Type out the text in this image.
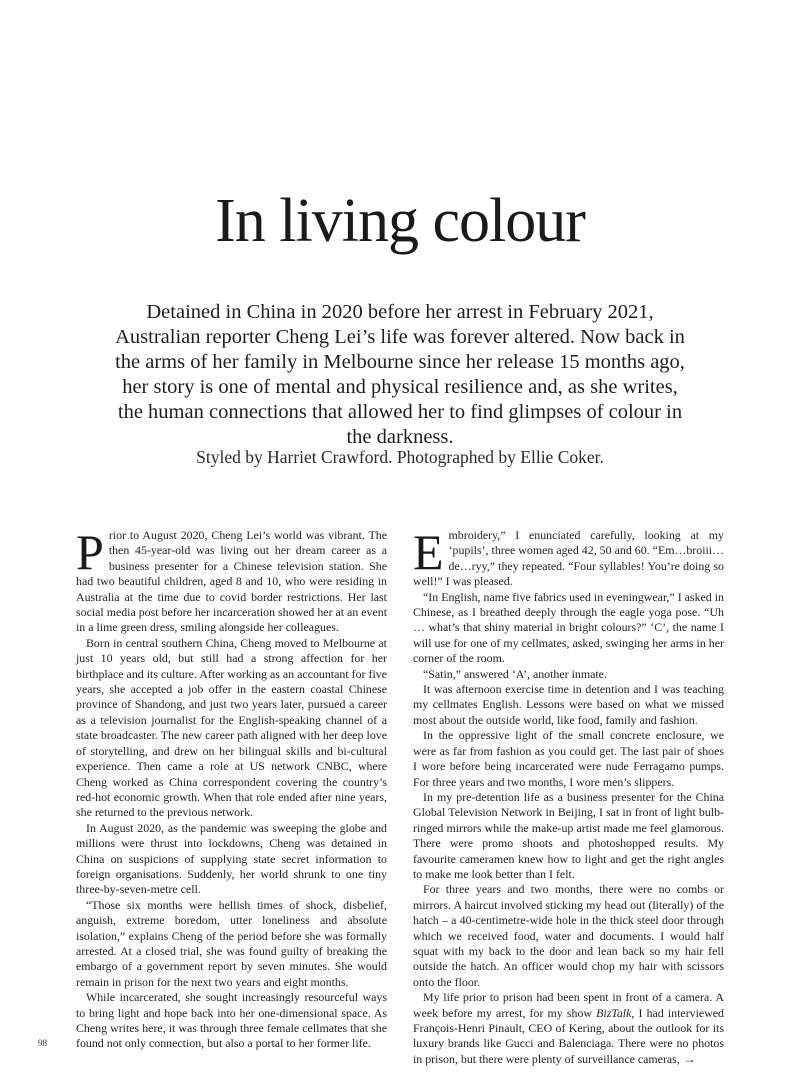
In living colour

Detained in China in 2020 before her arrest in February 2021, Australian reporter Cheng Lei’s life was forever altered. Now back in the arms of her family in Melbourne since her release 15 months ago, her story is one of mental and physical resilience and, as she writes, the human connections that allowed her to find glimpses of colour in the darkness.

Styled by Harriet Crawford. Photographed by Ellie Coker.

Prior to August 2020, Cheng Lei’s world was vibrant. The then 45-year-old was living out her dream career as a business presenter for a Chinese television station. She had two beautiful children, aged 8 and 10, who were residing in Australia at the time due to covid border restrictions. Her last social media post before her incarceration showed her at an event in a lime green dress, smiling alongside her colleagues.

Born in central southern China, Cheng moved to Melbourne at just 10 years old, but still had a strong affection for her birthplace and its culture. After working as an accountant for five years, she accepted a job offer in the eastern coastal Chinese province of Shandong, and just two years later, pursued a career as a television journalist for the English-speaking channel of a state broadcaster. The new career path aligned with her deep love of storytelling, and drew on her bilingual skills and bi-cultural experience. Then came a role at US network CNBC, where Cheng worked as China correspondent covering the country’s red-hot economic growth. When that role ended after nine years, she returned to the previous network.

In August 2020, as the pandemic was sweeping the globe and millions were thrust into lockdowns, Cheng was detained in China on suspicions of supplying state secret information to foreign organisations. Suddenly, her world shrunk to one tiny three-by-seven-metre cell.

“Those six months were hellish times of shock, disbelief, anguish, extreme boredom, utter loneliness and absolute isolation,” explains Cheng of the period before she was formally arrested. At a closed trial, she was found guilty of breaking the embargo of a government report by seven minutes. She would remain in prison for the next two years and eight months.

While incarcerated, she sought increasingly resourceful ways to bring light and hope back into her one-dimensional space. As Cheng writes here, it was through three female cellmates that she found not only connection, but also a portal to her former life.

Embroidery,” I enunciated carefully, looking at my ‘pupils’, three women aged 42, 50 and 60. “Em…broiii…de…ryy,” they repeated. “Four syllables! You’re doing so well!” I was pleased.

“In English, name five fabrics used in eveningwear,” I asked in Chinese, as I breathed deeply through the eagle yoga pose. “Uh … what’s that shiny material in bright colours?” ‘C’, the name I will use for one of my cellmates, asked, swinging her arms in her corner of the room.

“Satin,” answered ‘A’, another inmate.

It was afternoon exercise time in detention and I was teaching my cellmates English. Lessons were based on what we missed most about the outside world, like food, family and fashion.

In the oppressive light of the small concrete enclosure, we were as far from fashion as you could get. The last pair of shoes I wore before being incarcerated were nude Ferragamo pumps. For three years and two months, I wore men’s slippers.

In my pre-detention life as a business presenter for the China Global Television Network in Beijing, I sat in front of light bulb-ringed mirrors while the make-up artist made me feel glamorous. There were promo shoots and photoshopped results. My favourite cameramen knew how to light and get the right angles to make me look better than I felt.

For three years and two months, there were no combs or mirrors. A haircut involved sticking my head out (literally) of the hatch – a 40-centimetre-wide hole in the thick steel door through which we received food, water and documents. I would half squat with my back to the door and lean back so my hair fell outside the hatch. An officer would chop my hair with scissors onto the floor.

My life prior to prison had been spent in front of a camera. A week before my arrest, for my show BizTalk, I had interviewed François-Henri Pinault, CEO of Kering, about the outlook for its luxury brands like Gucci and Balenciaga. There were no photos in prison, but there were plenty of surveillance cameras, →

98
